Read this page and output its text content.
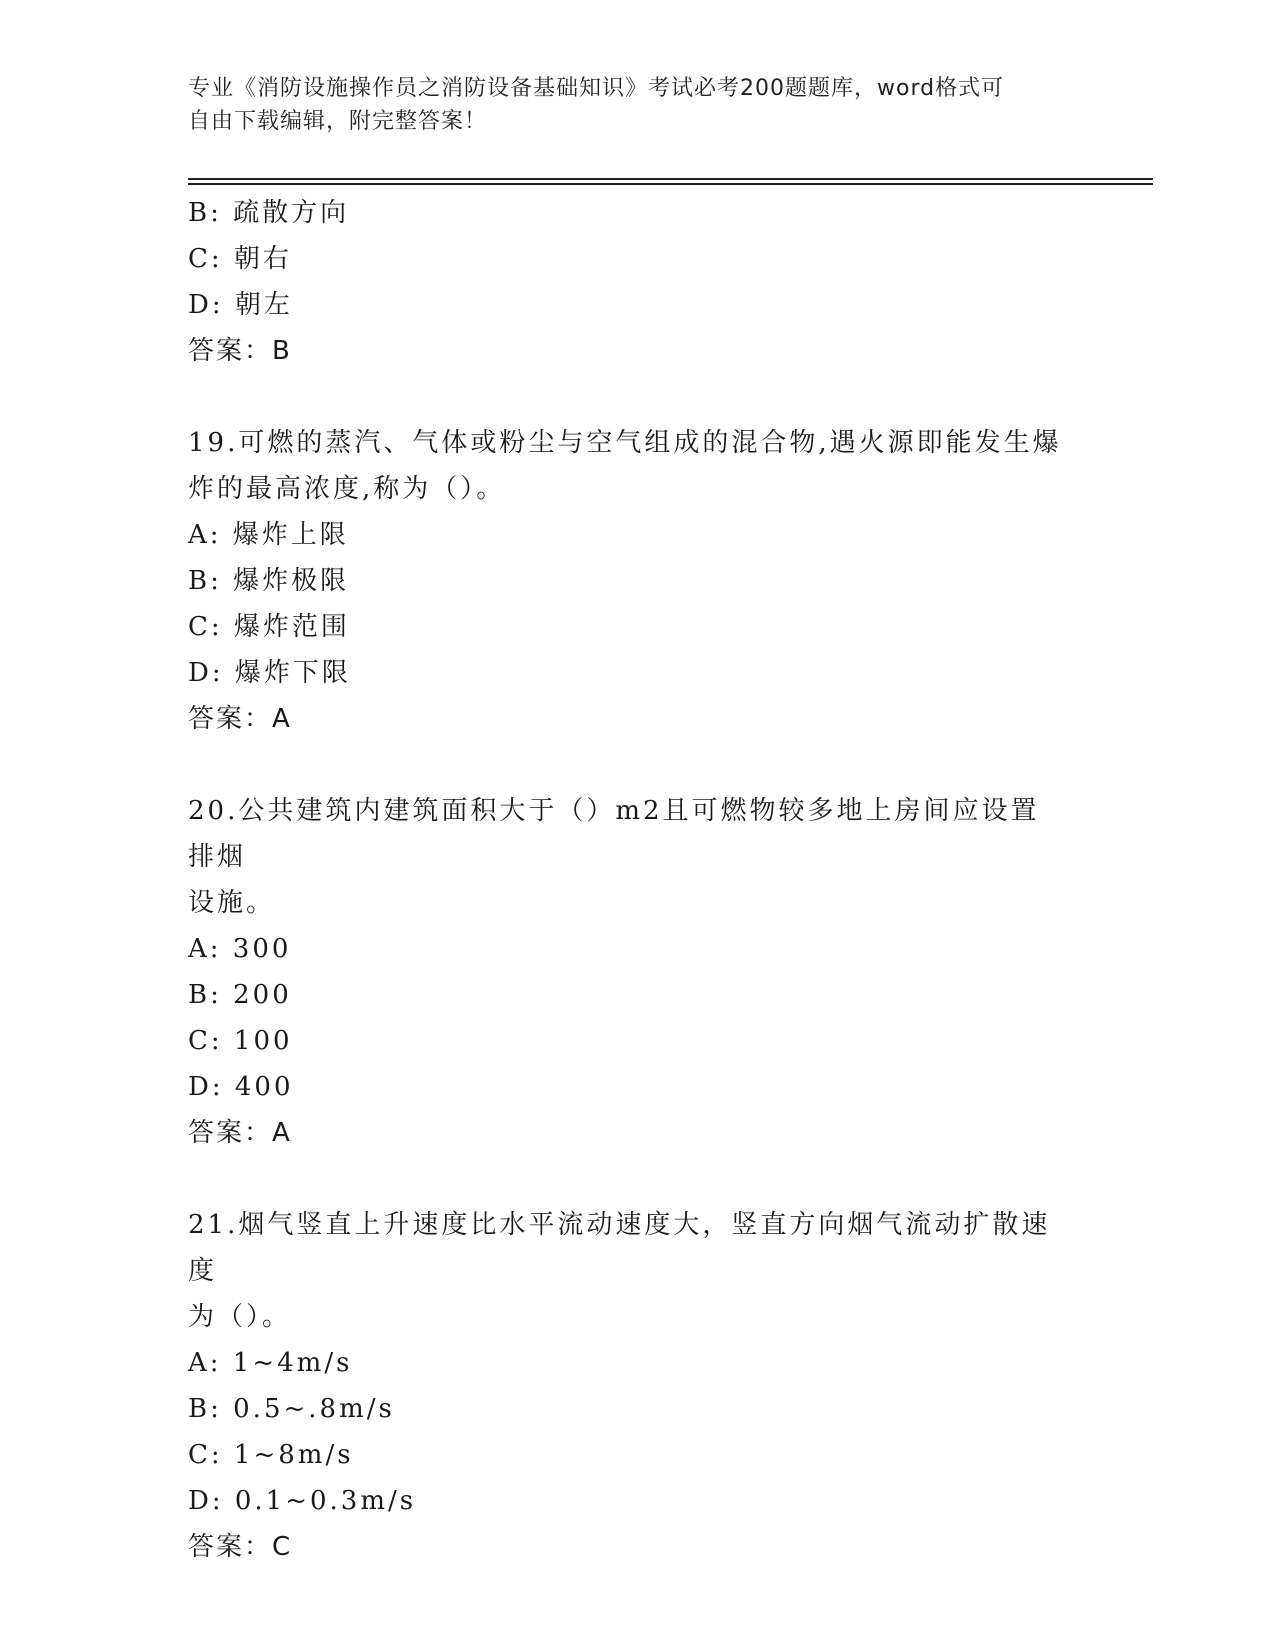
专业《消防设施操作员之消防设备基础知识》考试必考200题题库，word格式可
自由下载编辑，附完整答案！
B: 疏散方向
C: 朝右
D: 朝左
答案：B
19.可燃的蒸汽、气体或粉尘与空气组成的混合物,遇火源即能发生爆
炸的最高浓度,称为（）。
A: 爆炸上限
B: 爆炸极限
C: 爆炸范围
D: 爆炸下限
答案：A
20.公共建筑内建筑面积大于（）m2且可燃物较多地上房间应设置排烟
设施。
A: 300
B: 200
C: 100
D: 400
答案：A
21.烟气竖直上升速度比水平流动速度大，竖直方向烟气流动扩散速度
为（）。
A: 1~4m/s
B: 0.5~.8m/s
C: 1~8m/s
D: 0.1~0.3m/s
答案：C
